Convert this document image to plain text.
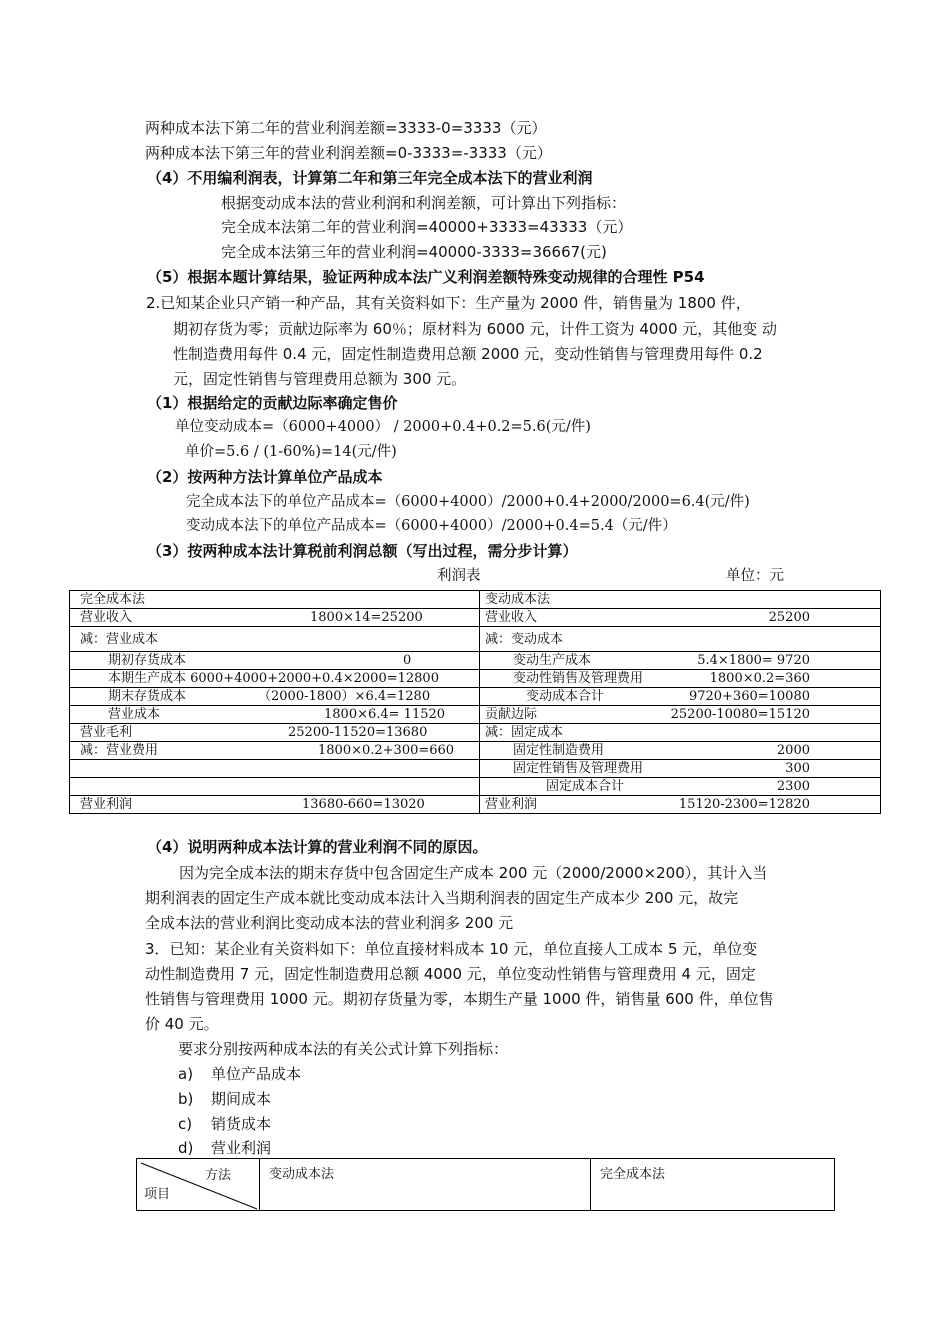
两种成本法下第二年的营业利润差额=3333-0=3333（元）
两种成本法下第三年的营业利润差额=0-3333=-3333（元）
（4）不用编利润表，计算第二年和第三年完全成本法下的营业利润
根据变动成本法的营业利润和利润差额，可计算出下列指标：
完全成本法第二年的营业利润=40000+3333=43333（元）
完全成本法第三年的营业利润=40000-3333=36667(元)
（5）根据本题计算结果，验证两种成本法广义利润差额特殊变动规律的合理性 P54
2.已知某企业只产销一种产品，其有关资料如下：生产量为 2000 件，销售量为 1800 件，
期初存货为零；贡献边际率为 60％；原材料为 6000 元，计件工资为 4000 元，其他变 动
性制造费用每件 0.4 元，固定性制造费用总额 2000 元，变动性销售与管理费用每件 0.2
元，固定性销售与管理费用总额为 300 元。
（1）根据给定的贡献边际率确定售价
单位变动成本=（6000+4000） / 2000+0.4+0.2=5.6(元/件)
单价=5.6 / (1-60%)=14(元/件)
（2）按两种方法计算单位产品成本
完全成本法下的单位产品成本=（6000+4000）/2000+0.4+2000/2000=6.4(元/件)
变动成本法下的单位产品成本=（6000+4000）/2000+0.4=5.4（元/件）
（3）按两种成本法计算税前利润总额（写出过程，需分步计算）
利润表	单位：元
完全成本法	变动成本法

营业收入 1800×14=25200	营业收入 25200

减：营业成本	减：变动成本

期初存货成本 0	变动生产成本 5.4×1800= 9720

本期生产成本 6000+4000+2000+0.4×2000=12800	变动性销售及管理费用 1800×0.2=360

期末存货成本 （2000-1800）×6.4=1280	变动成本合计 9720+360=10080

营业成本 1800×6.4= 11520	贡献边际 25200-10080=15120

营业毛利 25200-11520=13680	减：固定成本

减：营业费用 1800×0.2+300=660	固定性制造费用 2000

	固定性销售及管理费用 300

	固定成本合计 2300

营业利润 13680-660=13020	营业利润 15120-2300=12820
（4）说明两种成本法计算的营业利润不同的原因。
因为完全成本法的期末存货中包含固定生产成本 200 元（2000/2000×200），其计入当
期利润表的固定生产成本就比变动成本法计入当期利润表的固定生产成本少 200 元，故完
全成本法的营业利润比变动成本法的营业利润多 200 元
3．已知：某企业有关资料如下：单位直接材料成本 10 元，单位直接人工成本 5 元，单位变
动性制造费用 7 元，固定性制造费用总额 4000 元，单位变动性销售与管理费用 4 元，固定
性销售与管理费用 1000 元。期初存货量为零，本期生产量 1000 件，销售量 600 件，单位售
价 40 元。
要求分别按两种成本法的有关公式计算下列指标：
a) 单位产品成本
b) 期间成本
c) 销货成本
d) 营业利润
方法
项目

变动成本法	完全成本法
